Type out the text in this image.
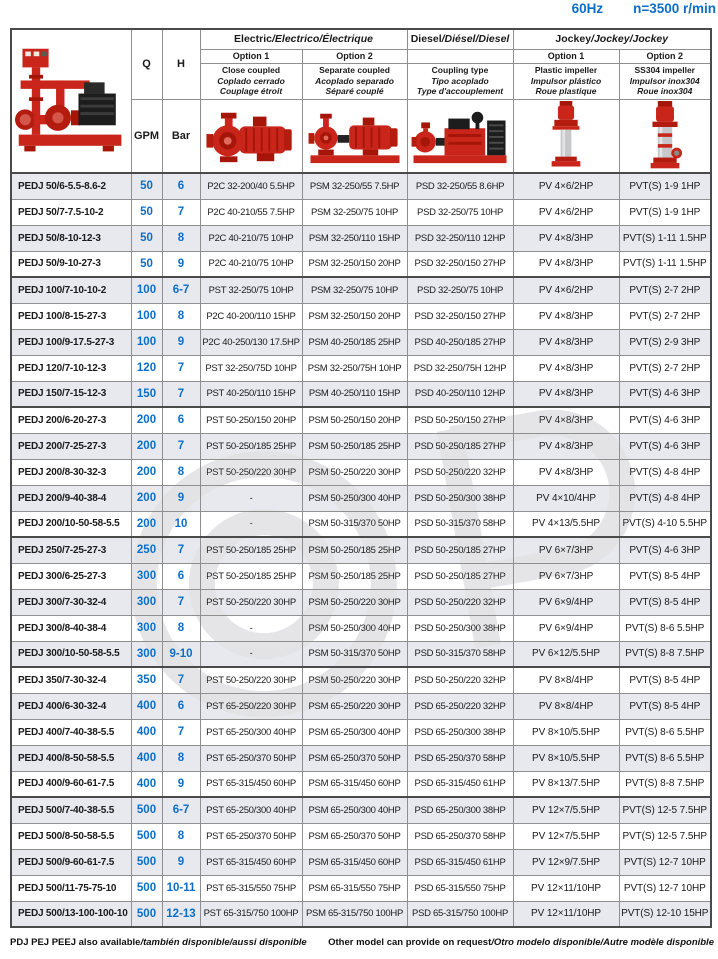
60Hz n=3500 r/min
	Q	H	Electric/Electrico/Électrique		Diesel/Diésel/Diesel	Jockey/Jockey/Jockey	
			Option 1	Option 2		Option 1	Option 2

			Close coupled
Coplado cerrado
Couplage étroit	Separate coupled
Acoplado separado
Séparé couplé	Coupling type
Tipo acoplado
Type d'accouplement	Plastic impeller
Impulsor plástico
Roue plastique	SS304 impeller
Impulsor inox304
Roue inox304

	GPM	Bar	

PEDJ 50/6-5.5-8.6-2	50	6	P2C 32-200/40 5.5HP	PSM 32-250/55 7.5HP	PSD 32-250/55 8.6HP	PV 4×6/2HP	PVT(S) 1-9 1HP
PEDJ 50/7-7.5-10-2	50	7	P2C 40-210/55 7.5HP	PSM 32-250/75 10HP	PSD 32-250/75 10HP	PV 4×6/2HP	PVT(S) 1-9 1HP
PEDJ 50/8-10-12-3	50	8	P2C 40-210/75 10HP	PSM 32-250/110 15HP	PSD 32-250/110 12HP	PV 4×8/3HP	PVT(S) 1-11 1.5HP
PEDJ 50/9-10-27-3	50	9	P2C 40-210/75 10HP	PSM 32-250/150 20HP	PSD 32-250/150 27HP	PV 4×8/3HP	PVT(S) 1-11 1.5HP
PEDJ 100/7-10-10-2	100	6-7	PST 32-250/75 10HP	PSM 32-250/75 10HP	PSD 32-250/75 10HP	PV 4×6/2HP	PVT(S) 2-7 2HP
PEDJ 100/8-15-27-3	100	8	P2C 40-200/110 15HP	PSM 32-250/150 20HP	PSD 32-250/150 27HP	PV 4×8/3HP	PVT(S) 2-7 2HP
PEDJ 100/9-17.5-27-3	100	9	P2C 40-250/130 17.5HP	PSM 40-250/185 25HP	PSD 40-250/185 27HP	PV 4×8/3HP	PVT(S) 2-9 3HP
PEDJ 120/7-10-12-3	120	7	PST 32-250/75D 10HP	PSM 32-250/75H 10HP	PSD 32-250/75H 12HP	PV 4×8/3HP	PVT(S) 2-7 2HP
PEDJ 150/7-15-12-3	150	7	PST 40-250/110 15HP	PSM 40-250/110 15HP	PSD 40-250/110 12HP	PV 4×8/3HP	PVT(S) 4-6 3HP
PEDJ 200/6-20-27-3	200	6	PST 50-250/150 20HP	PSM 50-250/150 20HP	PSD 50-250/150 27HP	PV 4×8/3HP	PVT(S) 4-6 3HP
PEDJ 200/7-25-27-3	200	7	PST 50-250/185 25HP	PSM 50-250/185 25HP	PSD 50-250/185 27HP	PV 4×8/3HP	PVT(S) 4-6 3HP
PEDJ 200/8-30-32-3	200	8	PST 50-250/220 30HP	PSM 50-250/220 30HP	PSD 50-250/220 32HP	PV 4×8/3HP	PVT(S) 4-8 4HP
PEDJ 200/9-40-38-4	200	9	-	PSM 50-250/300 40HP	PSD 50-250/300 38HP	PV 4×10/4HP	PVT(S) 4-8 4HP
PEDJ 200/10-50-58-5.5	200	10	-	PSM 50-315/370 50HP	PSD 50-315/370 58HP	PV 4×13/5.5HP	PVT(S) 4-10 5.5HP
PEDJ 250/7-25-27-3	250	7	PST 50-250/185 25HP	PSM 50-250/185 25HP	PSD 50-250/185 27HP	PV 6×7/3HP	PVT(S) 4-6 3HP
PEDJ 300/6-25-27-3	300	6	PST 50-250/185 25HP	PSM 50-250/185 25HP	PSD 50-250/185 27HP	PV 6×7/3HP	PVT(S) 8-5 4HP
PEDJ 300/7-30-32-4	300	7	PST 50-250/220 30HP	PSM 50-250/220 30HP	PSD 50-250/220 32HP	PV 6×9/4HP	PVT(S) 8-5 4HP
PEDJ 300/8-40-38-4	300	8	-	PSM 50-250/300 40HP	PSD 50-250/300 38HP	PV 6×9/4HP	PVT(S) 8-6 5.5HP
PEDJ 300/10-50-58-5.5	300	9-10	-	PSM 50-315/370 50HP	PSD 50-315/370 58HP	PV 6×12/5.5HP	PVT(S) 8-8 7.5HP
PEDJ 350/7-30-32-4	350	7	PST 50-250/220 30HP	PSM 50-250/220 30HP	PSD 50-250/220 32HP	PV 8×8/4HP	PVT(S) 8-5 4HP
PEDJ 400/6-30-32-4	400	6	PST 65-250/220 30HP	PSM 65-250/220 30HP	PSD 65-250/220 32HP	PV 8×8/4HP	PVT(S) 8-5 4HP
PEDJ 400/7-40-38-5.5	400	7	PST 65-250/300 40HP	PSM 65-250/300 40HP	PSD 65-250/300 38HP	PV 8×10/5.5HP	PVT(S) 8-6 5.5HP
PEDJ 400/8-50-58-5.5	400	8	PST 65-250/370 50HP	PSM 65-250/370 50HP	PSD 65-250/370 58HP	PV 8×10/5.5HP	PVT(S) 8-6 5.5HP
PEDJ 400/9-60-61-7.5	400	9	PST 65-315/450 60HP	PSM 65-315/450 60HP	PSD 65-315/450 61HP	PV 8×13/7.5HP	PVT(S) 8-8 7.5HP
PEDJ 500/7-40-38-5.5	500	6-7	PST 65-250/300 40HP	PSM 65-250/300 40HP	PSD 65-250/300 38HP	PV 12×7/5.5HP	PVT(S) 12-5 7.5HP
PEDJ 500/8-50-58-5.5	500	8	PST 65-250/370 50HP	PSM 65-250/370 50HP	PSD 65-250/370 58HP	PV 12×7/5.5HP	PVT(S) 12-5 7.5HP
PEDJ 500/9-60-61-7.5	500	9	PST 65-315/450 60HP	PSM 65-315/450 60HP	PSD 65-315/450 61HP	PV 12×9/7.5HP	PVT(S) 12-7 10HP
PEDJ 500/11-75-75-10	500	10-11	PST 65-315/550 75HP	PSM 65-315/550 75HP	PSD 65-315/550 75HP	PV 12×11/10HP	PVT(S) 12-7 10HP
PEDJ 500/13-100-100-10	500	12-13	PST 65-315/750 100HP	PSM 65-315/750 100HP	PSD 65-315/750 100HP	PV 12×11/10HP	PVT(S) 12-10 15HP
PDJ PEJ PEEJ also available/también disponible/aussi disponible Other model can provide on request/Otro modelo disponible/Autre modèle disponible
